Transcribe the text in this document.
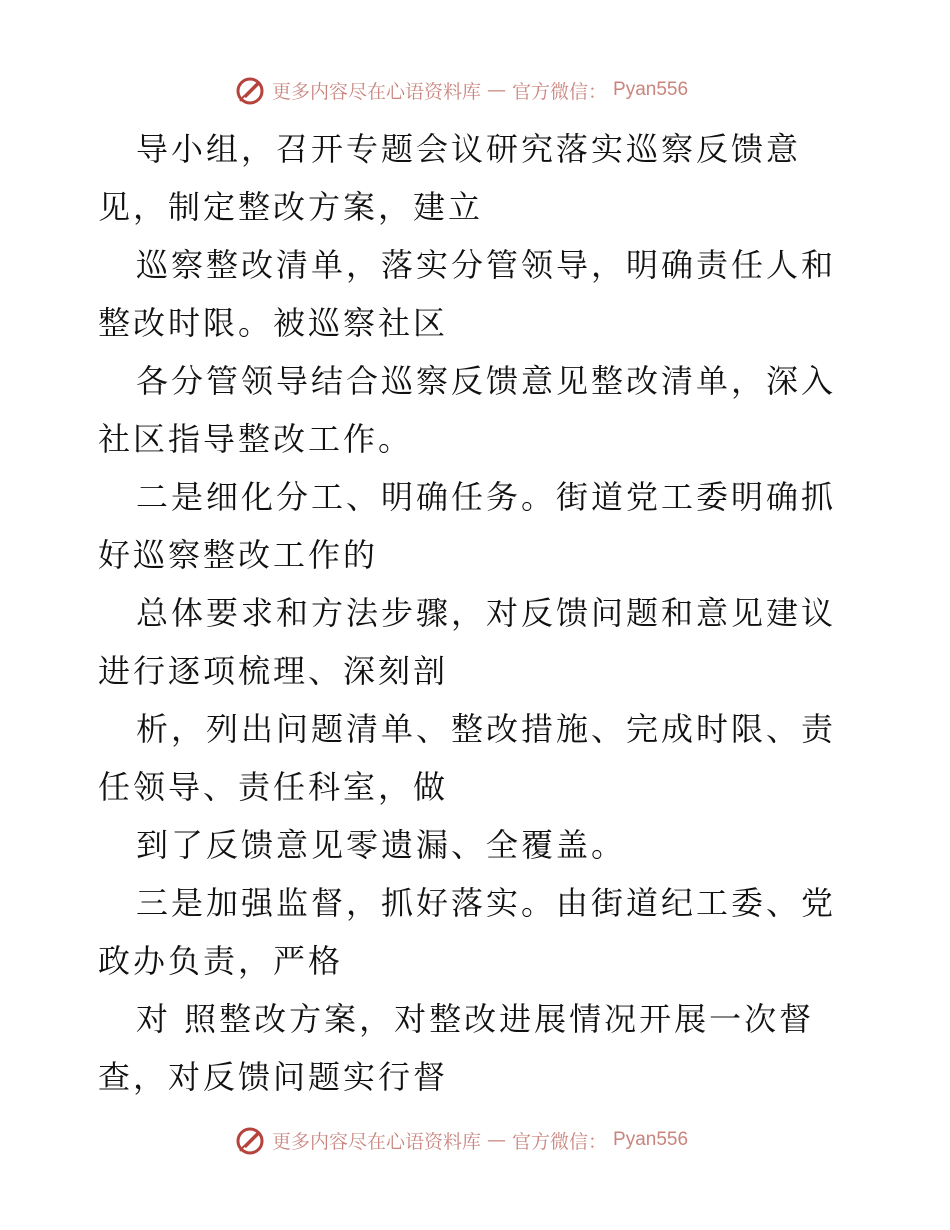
更多内容尽在心语资料库 — 官方微信： Pyan556

导小组，召开专题会议研究落实巡察反馈意见，制定整改方案，建立

巡察整改清单，落实分管领导，明确责任人和整改时限。被巡察社区

各分管领导结合巡察反馈意见整改清单，深入社区指导整改工作。

二是细化分工、明确任务。街道党工委明确抓好巡察整改工作的

总体要求和方法步骤，对反馈问题和意见建议进行逐项梳理、深刻剖

析，列出问题清单、整改措施、完成时限、责任领导、责任科室，做

到了反馈意见零遗漏、全覆盖。

三是加强监督，抓好落实。由街道纪工委、党政办负责，严格

对 照整改方案，对整改进展情况开展一次督查，对反馈问题实行督

更多内容尽在心语资料库 — 官方微信： Pyan556
